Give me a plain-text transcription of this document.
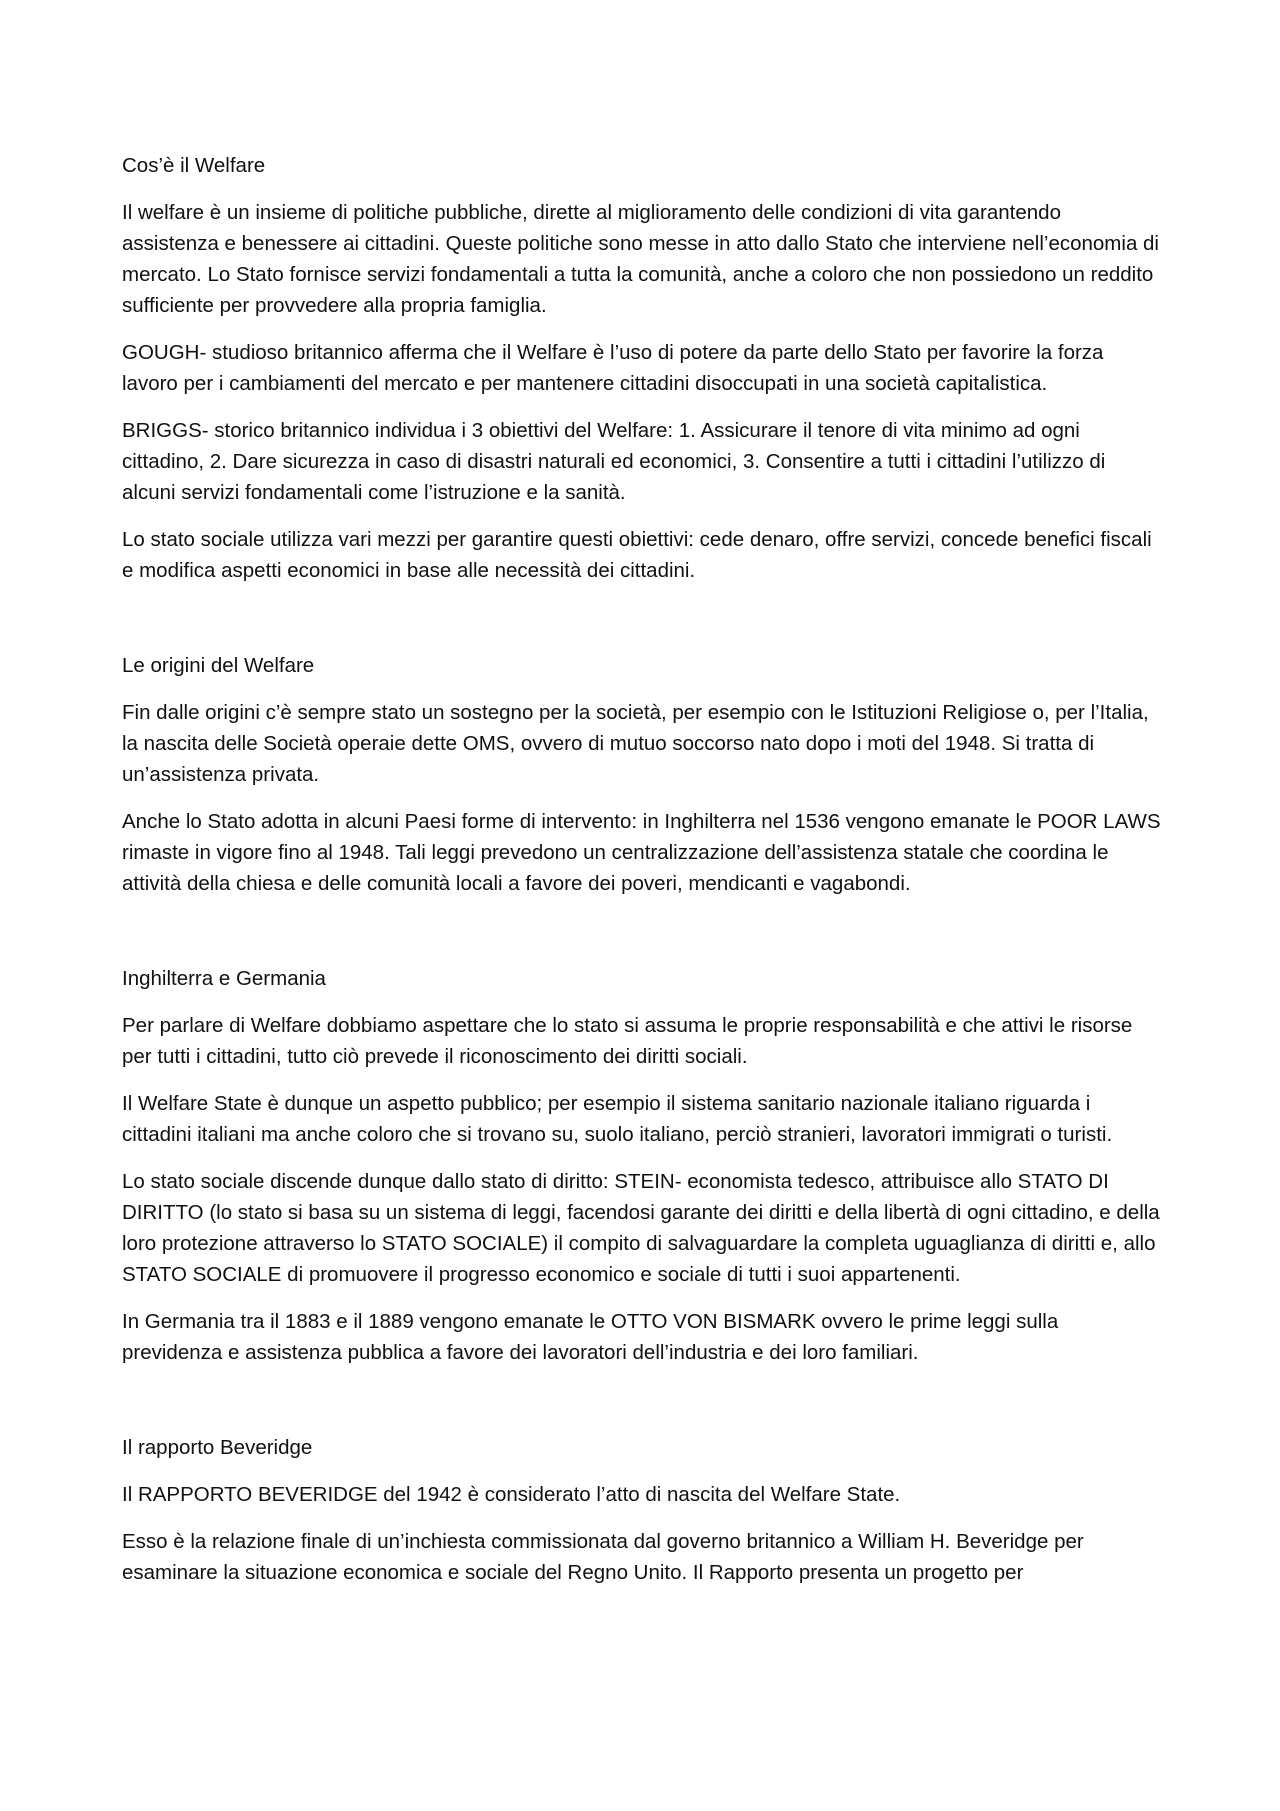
Cos’è il Welfare

Il welfare è un insieme di politiche pubbliche, dirette al miglioramento delle condizioni di vita garantendo assistenza e benessere ai cittadini. Queste politiche sono messe in atto dallo Stato che interviene nell’economia di mercato. Lo Stato fornisce servizi fondamentali a tutta la comunità, anche a coloro che non possiedono un reddito sufficiente per provvedere alla propria famiglia.

GOUGH- studioso britannico afferma che il Welfare è l’uso di potere da parte dello Stato per favorire la forza lavoro per i cambiamenti del mercato e per mantenere cittadini disoccupati in una società capitalistica.

BRIGGS- storico britannico individua i 3 obiettivi del Welfare: 1. Assicurare il tenore di vita minimo ad ogni cittadino, 2. Dare sicurezza in caso di disastri naturali ed economici, 3. Consentire a tutti i cittadini l’utilizzo di alcuni servizi fondamentali come l’istruzione e la sanità.

Lo stato sociale utilizza vari mezzi per garantire questi obiettivi: cede denaro, offre servizi, concede benefici fiscali e modifica aspetti economici in base alle necessità dei cittadini.

Le origini del Welfare

Fin dalle origini c’è sempre stato un sostegno per la società, per esempio con le Istituzioni Religiose o, per l’Italia, la nascita delle Società operaie dette OMS, ovvero di mutuo soccorso nato dopo i moti del 1948. Si tratta di un’assistenza privata.

Anche lo Stato adotta in alcuni Paesi forme di intervento: in Inghilterra nel 1536 vengono emanate le POOR LAWS rimaste in vigore fino al 1948. Tali leggi prevedono un centralizzazione dell’assistenza statale che coordina le attività della chiesa e delle comunità locali a favore dei poveri, mendicanti e vagabondi.

Inghilterra e Germania

Per parlare di Welfare dobbiamo aspettare che lo stato si assuma le proprie responsabilità e che attivi le risorse per tutti i cittadini, tutto ciò prevede il riconoscimento dei diritti sociali.

Il Welfare State è dunque un aspetto pubblico; per esempio il sistema sanitario nazionale italiano riguarda i cittadini italiani ma anche coloro che si trovano su, suolo italiano, perciò stranieri, lavoratori immigrati o turisti.

Lo stato sociale discende dunque dallo stato di diritto: STEIN- economista tedesco, attribuisce allo STATO DI DIRITTO (lo stato si basa su un sistema di leggi, facendosi garante dei diritti e della libertà di ogni cittadino, e della loro protezione attraverso lo STATO SOCIALE) il compito di salvaguardare la completa uguaglianza di diritti e, allo STATO SOCIALE di promuovere il progresso economico e sociale di tutti i suoi appartenenti.

In Germania tra il 1883 e il 1889 vengono emanate le OTTO VON BISMARK ovvero le prime leggi sulla previdenza e assistenza pubblica a favore dei lavoratori dell’industria e dei loro familiari.

Il rapporto Beveridge

Il RAPPORTO BEVERIDGE del 1942 è considerato l’atto di nascita del Welfare State.

Esso è la relazione finale di un’inchiesta commissionata dal governo britannico a William H. Beveridge per esaminare la situazione economica e sociale del Regno Unito. Il Rapporto presenta un progetto per
